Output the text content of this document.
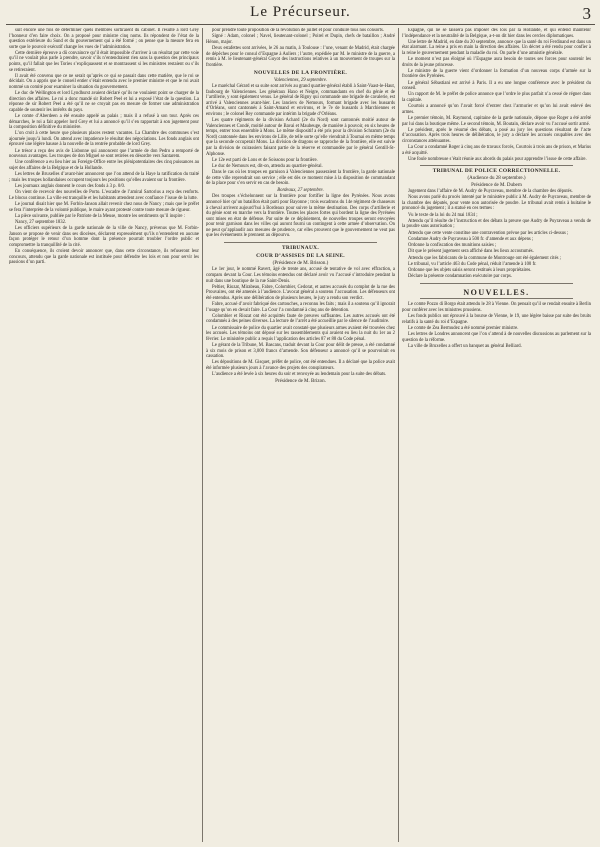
Le Précurseur.	3

suit encore une fois de déterminer quels membres sortiraient du cabinet. Il résulte à lord Grey l’honneur d’en faire choix. On a proposé pour ministre cinq noms. Ils répondent de l’état de la question extérieure du Sund et du gouvernement qui a été formé ; on pense que la mesure fera en sorte que le pouvoir exécutif change les vues de l’administration.

Cette dernière épreuve a dû convaincre qu’il était impossible d’arriver à un résultat par cette voie qu’il ne voulait plus parle à prendre, savoir s’ils n’entendraient rien sans la question des principaux points, qu’il fallait que les Tories s’expliquassent et se montrassent si les ministres restaient ou s’ils se retireraient.

Il avait été convenu que ce ne serait qu’après ce qui se passait dans cette matière, que le roi se décidait. On a appris que le conseil entier s’était entendu avec le premier ministre et que le roi avait nommé un comité pour examiner la situation du gouvernement.

Le duc de Wellington et lord Lyndhurst avaient déclaré qu’ils ne voulaient point se charger de la direction des affaires. Le roi a donc mandé sir Robert Peel et lui a exposé l’état de la question. La réponse de sir Robert Peel a été qu’il ne se croyait pas en mesure de former une administration capable de soutenir les intérêts du pays.

Le comte d’Aberdeen a été ensuite appelé au palais ; mais il a refusé à son tour. Après ces démarches, le roi a fait appeler lord Grey et lui a annoncé qu’il s’en rapportait à son jugement pour la composition définitive du ministère.

L’on croit à cette heure que plusieurs places restent vacantes. La Chambre des communes s’est ajournée jusqu’à lundi. On attend avec impatience le résultat des négociations. Les fonds anglais ont éprouvé une légère hausse à la nouvelle de la rentrée probable de lord Grey.

Le trésor a reçu des avis de Lisbonne qui annoncent que l’armée de don Pedro a remporté de nouveaux avantages. Les troupes de don Miguel se sont retirées en désordre vers Santarem.

Une conférence a eu lieu hier au Foreign-Office entre les plénipotentiaires des cinq puissances au sujet des affaires de la Belgique et de la Hollande.

Les lettres de Bruxelles d’avant-hier annoncent que l’on attend de la Haye la ratification du traité ; mais les troupes hollandaises occupent toujours les positions qu’elles avaient sur la frontière.

Les journaux anglais donnent le cours des fonds à 3 p. 0/0.

On vient de recevoir des nouvelles de Porto. L’escadre de l’amiral Sartorius a reçu des renforts. Le blocus continue. La ville est tranquille et les habitants attendent avec confiance l’issue de la lutte.

Le journal disait hier que M. Forbin-Janson allait revenir chez nous de Nancy ; mais que le préfet se fera l’interprète de la volonté publique, le maire ayant protesté contre toute mesure de rigueur.

La pièce suivante, publiée par le Patriote de la Meuse, montre les sentiments qu’il inspire :

Nancy, 27 septembre 1832.

Les officiers supérieurs de la garde nationale de la ville de Nancy, prévenus que M. Forbin-Janson se propose de venir dans ses diocèses, déclarent expressément qu’ils n’entendent en aucune façon protéger le retour d’un homme dont la présence pourrait troubler l’ordre public et compromettre la tranquillité de la cité.

En conséquence, ils croient devoir annoncer que, dans cette circonstance, ils refuseront leur concours, attendu que la garde nationale est instituée pour défendre les lois et non pour servir les passions d’un parti.

pour prendre toute proposition de la révolution de juillet et pour conduire tous nos consorts.

Signé : Adam, colonel ; Navel, lieutenant-colonel ; Poirel et Dupin, chefs de bataillon ; André Hénon, major.

Deux estafettes sont arrivées, le 26 au matin, à Toulouse : l’une, venant de Madrid, était chargée de dépêches pour le consul d’Espagne à Auliers ; l’autre, expédiée par M. le ministre de la guerre, a remis à M. le lieutenant-général Guyot des instructions relatives à un mouvement de troupes sur la frontière.

NOUVELLES DE LA FRONTIÈRE.
Valenciennes, 29 septembre.

Le maréchal Gérard et sa suite sont arrivés au grand quartier-général établi à Saint-Vaast-le-Haut, faubourg de Valenciennes. Les généraux Haxo et Neigre, commandants en chef du génie et de l’artillerie, y sont également venus. Le général de Rigny qui commande une brigade de cavalerie, est arrivé à Valenciennes avant-hier. Les lanciers de Nemours, formant brigade avec les hussards d’Orléans, sont cantonnés à Saint-Amand et environs, et le 7e de hussards à Marchiennes et environs ; le colonel Rey commande par intérim la brigade d’Orléans.

Les quatre régiments de la division Achard (2e du Nord) sont cantonnés moitié autour de Valenciennes et Condé, moitié autour de Bavai et Maubeuge, de manière à pouvoir, en six heures de temps, entrer tous ensemble à Mons. Le même dispositif a été pris pour la division Schramm (2e du Nord) cantonnée dans les environs de Lille, de telle sorte qu’elle viendrait à Tournai en même temps que la seconde occuperait Mons. La division de dragons se rapproche de la frontière, elle est suivie par la division de cuirassiers faisant partie de la réserve et commandée par le général Gentill-St-Alphonse.

Le 12e est parti de Lons et de Soissons pour la frontière.

Le duc de Nemours est, dit-on, attendu au quartier-général.

Dans le cas où les troupes en garnison à Valenciennes passeraient la frontière, la garde nationale de cette ville reprendrait son service ; elle est dès ce moment mise à la disposition de commandant de la place pour s’en servir en cas de besoin.

Bordeaux, 27 septembre.

Des troupes s’échelonnent sur la frontière pour fortifier la ligne des Pyrénées. Nous avons annoncé hier qu’un bataillon était parti pour Bayonne ; trois escadrons du 14e régiment de chasseurs à cheval arrivent aujourd’hui à Bordeaux pour suivre la même destination. Des corps d’artillerie et du génie sont en marche vers la frontière. Toutes les places fortes qui bordent la ligne des Pyrénées sont mises en état de défense. Par suite de ce déploiement, de nouvelles troupes seront envoyées pour tenir garnison dans les villes qui auront fourni un contingent à cette armée d’observation. On ne peut qu’applaudir aux mesures de prudence, car elles prouvent que le gouvernement ne veut pas que les événements le prennent au dépourvu.

TRIBUNAUX.
COUR D’ASSISES DE LA SEINE.
(Présidence de M. Brisson.)

Le 1er jour, le nommé Ravert, âgé de trente ans, accusé de tentative de vol avec effraction, a comparu devant la Cour. Les témoins entendus ont déclaré avoir vu l’accusé s’introduire pendant la nuit dans une boutique de la rue Saint-Denis.

Peltier, Riozat, Mirabeau, Fabre, Colombier, Cedorat, et autres accusés du complot de la rue des Prouvaires, ont été amenés à l’audience. L’avocat général a soutenu l’accusation. Les défenseurs ont été entendus. Après une délibération de plusieurs heures, le jury a rendu son verdict.

Fabre, accusé d’avoir fabriqué des cartouches, a reconnu les faits ; mais il a soutenu qu’il ignorait l’usage qu’on en devait faire. La Cour l’a condamné à cinq ans de détention.

Colombier et Riozat ont été acquittés faute de preuves suffisantes. Les autres accusés ont été condamnés à des peines diverses. La lecture de l’arrêt a été accueillie par le silence de l’auditoire.

Le commissaire de police du quartier avait constaté que plusieurs armes avaient été trouvées chez les accusés. Les témoins ont déposé sur les rassemblements qui avaient eu lieu la nuit du 1er au 2 février. Le ministère public a requis l’application des articles 87 et 88 du Code pénal.

Le gérant de la Tribune, M. Bascans, traduit devant la Cour pour délit de presse, a été condamné à six mois de prison et 3,000 francs d’amende. Son défenseur a annoncé qu’il se pourvoirait en cassation.

Les dépositions de M. Gisquet, préfet de police, ont été entendues. Il a déclaré que la police avait été informée plusieurs jours à l’avance des projets des conspirateurs.

L’audience a été levée à six heures du soir et renvoyée au lendemain pour la suite des débats.

Présidence de M. Brizon.

Espagne, qui ne se laissera pas imposer des lois par la Hollande, et qui entend maintenir l’indépendance et la neutralité de la Belgique, a-t-on dit hier dans les cercles diplomatiques.

Une lettre de Madrid, en date du 20 septembre, annonce que la santé du roi Ferdinand est dans un état alarmant. La reine a pris en main la direction des affaires. Un décret a été rendu pour confier à la reine le gouvernement pendant la maladie du roi. On parle d’une amnistie générale.

Le moment n’est pas éloigné où l’Espagne aura besoin de toutes ses forces pour soutenir les droits de la jeune princesse.

Le ministre de la guerre vient d’ordonner la formation d’un nouveau corps d’armée sur la frontière des Pyrénées.

Le général Sébastiani est arrivé à Paris. Il a eu une longue conférence avec le président du conseil.

Un rapport de M. le préfet de police annonce que l’ordre le plus parfait n’a cessé de régner dans la capitale.

Courtois a annoncé qu’on l’avait forcé d’entrer chez l’armurier et qu’on lui avait enlevé des armes.

Le premier témoin, M. Raymond, capitaine de la garde nationale, dépose que Roger a été arrêté par lui dans la boutique même. Le second témoin, M. Boutain, déclare avoir vu l’accusé sortir armé.

Le président, après le résumé des débats, a posé au jury les questions résultant de l’acte d’accusation. Après trois heures de délibération, le jury a déclaré les accusés coupables avec des circonstances atténuantes.

La Cour a condamné Roger à cinq ans de travaux forcés, Courtois à trois ans de prison, et Marius a été acquitté.

Une foule nombreuse s’était réunie aux abords du palais pour apprendre l’issue de cette affaire.

TRIBUNAL DE POLICE CORRECTIONNELLE.
(Audience du 28 septembre.)
Présidence de M. Dubern

Jugement dans l’affaire de M. Audry de Puyraveau, membre de la chambre des députés.

Nous avons parlé du procès intenté par le ministère public à M. Audry de Puyraveau, membre de la chambre des députés, pour vente non autorisée de poudre. Le tribunal avait remis à huitaine le prononcé du jugement ; il a statué en ces termes :

Vu le texte de la loi du 24 mai 1834 ;

Attendu qu’il résulte de l’instruction et des débats la preuve que Audry de Puyraveau a vendu de la poudre sans autorisation ;

Attendu que cette vente constitue une contravention prévue par les articles ci-dessus ;

Condamne Audry de Puyraveau à 500 fr. d’amende et aux dépens ;

Ordonne la confiscation des munitions saisies ;

Dit que le présent jugement sera affiché dans les lieux accoutumés.

Attendu que les fabricants de la commune de Montrouge ont été également cités ;

Le tribunal, vu l’article 463 du Code pénal, réduit l’amende à 100 fr.

Ordonne que les objets saisis seront restitués à leurs propriétaires.

Déclare la présente condamnation exécutoire par corps.

NOUVELLES.

Le comte Pozzo di Borgo était attendu le 28 à Vienne. On pensait qu’il se rendait ensuite à Berlin pour conférer avec les ministres prussiens.

Les fonds publics ont éprouvé à la bourse de Vienne, le 19, une légère baisse par suite des bruits relatifs à la santé du roi d’Espagne.

Le comte de Zea Bermudez a été nommé premier ministre.

Les lettres de Londres annoncent que l’on s’attend à de nouvelles discussions au parlement sur la question de la réforme.

La ville de Bruxelles a offert un banquet au général Belliard.
